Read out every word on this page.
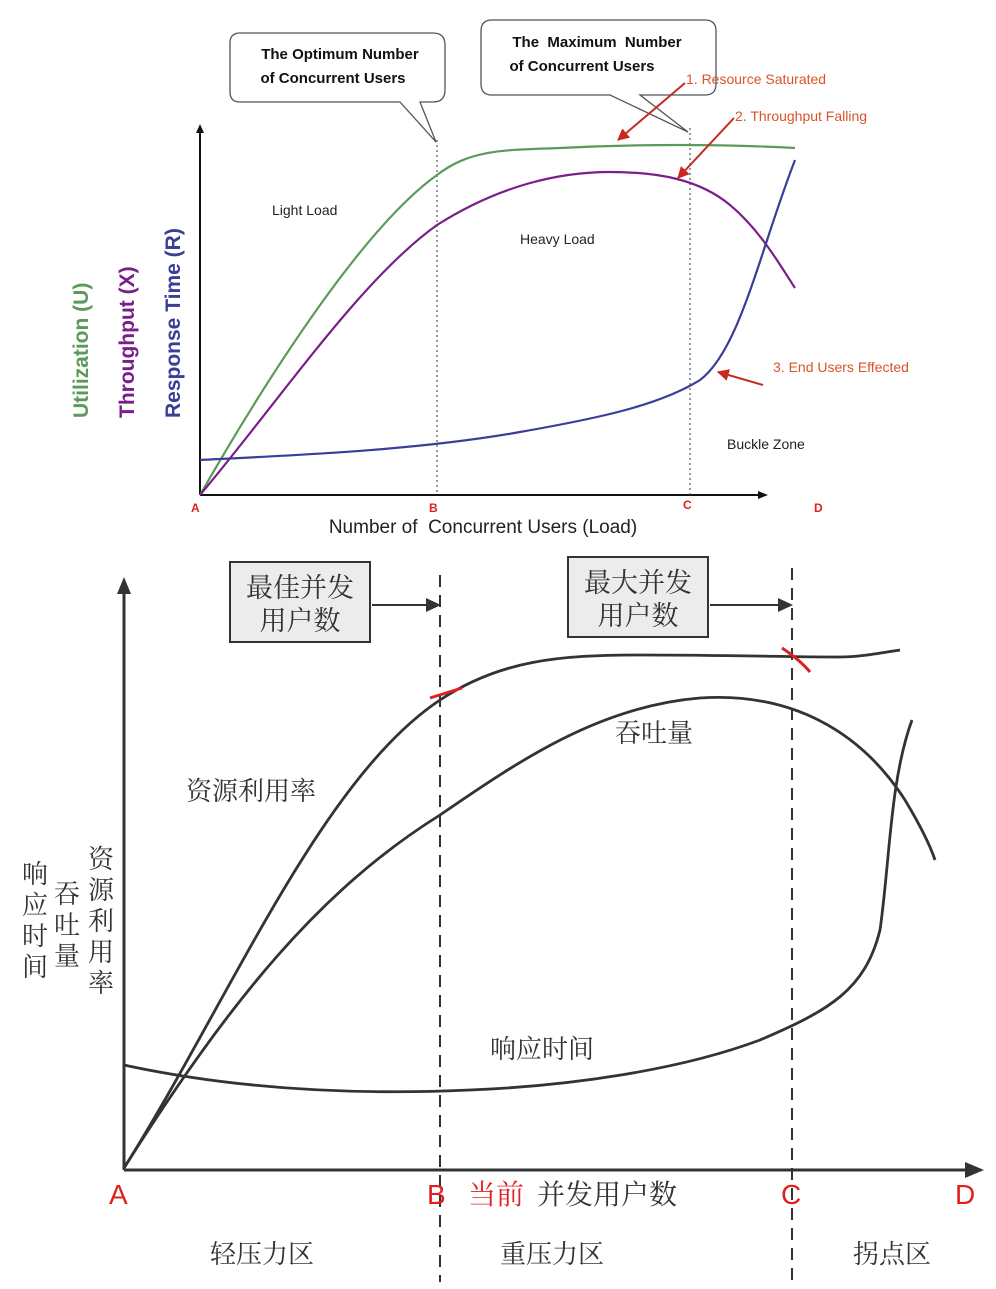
The Optimum Number
of Concurrent Users
The  Maximum  Number
of Concurrent Users
1. Resource Saturated
2. Throughput Falling
3. End Users Effected
Light Load
Heavy Load
Buckle Zone
Utilization (U) Throughput (X) Response Time (R)
Number of  Concurrent Users (Load)
A	B	C	D
最佳并发
用户数
最大并发
用户数
资源利用率
吞吐量
响应时间
响
应
时
间
吞
吐
量
资
源
利
用
率
A	B	C	D
当前 并发用户数
轻压力区	重压力区	拐点区
